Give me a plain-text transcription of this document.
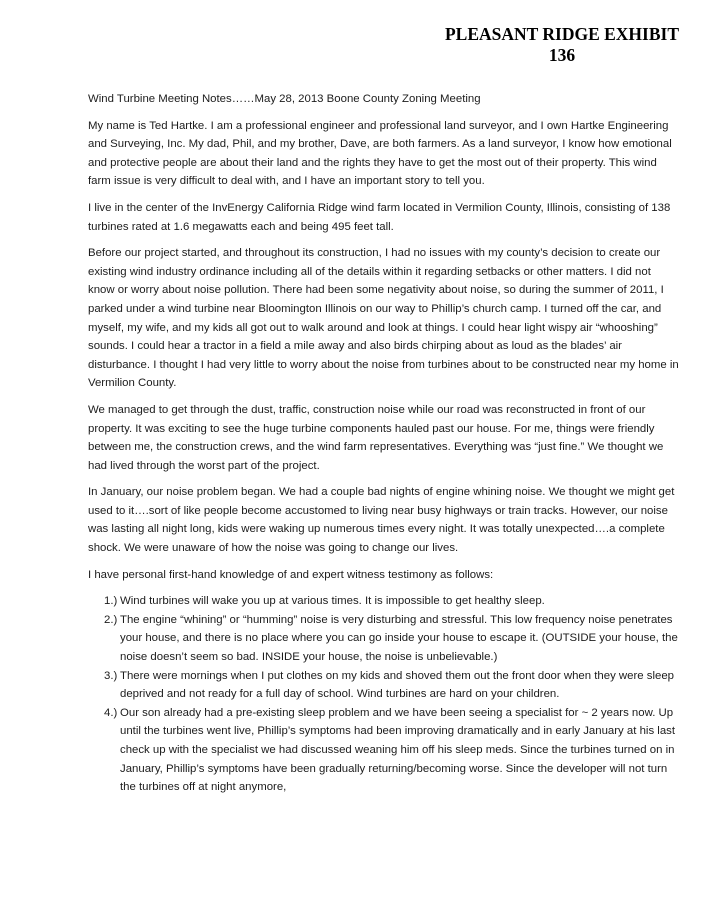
PLEASANT RIDGE EXHIBIT
136

Wind Turbine Meeting Notes……May 28, 2013 Boone County Zoning Meeting

My name is Ted Hartke. I am a professional engineer and professional land surveyor, and I own Hartke Engineering and Surveying, Inc. My dad, Phil, and my brother, Dave, are both farmers. As a land surveyor, I know how emotional and protective people are about their land and the rights they have to get the most out of their property. This wind farm issue is very difficult to deal with, and I have an important story to tell you.

I live in the center of the InvEnergy California Ridge wind farm located in Vermilion County, Illinois, consisting of 138 turbines rated at 1.6 megawatts each and being 495 feet tall.

Before our project started, and throughout its construction, I had no issues with my county’s decision to create our existing wind industry ordinance including all of the details within it regarding setbacks or other matters. I did not know or worry about noise pollution. There had been some negativity about noise, so during the summer of 2011, I parked under a wind turbine near Bloomington Illinois on our way to Phillip’s church camp. I turned off the car, and myself, my wife, and my kids all got out to walk around and look at things. I could hear light wispy air “whooshing” sounds. I could hear a tractor in a field a mile away and also birds chirping about as loud as the blades’ air disturbance. I thought I had very little to worry about the noise from turbines about to be constructed near my home in Vermilion County.

We managed to get through the dust, traffic, construction noise while our road was reconstructed in front of our property. It was exciting to see the huge turbine components hauled past our house. For me, things were friendly between me, the construction crews, and the wind farm representatives. Everything was “just fine.” We thought we had lived through the worst part of the project.

In January, our noise problem began. We had a couple bad nights of engine whining noise. We thought we might get used to it….sort of like people become accustomed to living near busy highways or train tracks. However, our noise was lasting all night long, kids were waking up numerous times every night. It was totally unexpected….a complete shock. We were unaware of how the noise was going to change our lives.

I have personal first-hand knowledge of and expert witness testimony as follows:

1.) Wind turbines will wake you up at various times. It is impossible to get healthy sleep.
2.) The engine “whining” or “humming” noise is very disturbing and stressful. This low frequency noise penetrates your house, and there is no place where you can go inside your house to escape it. (OUTSIDE your house, the noise doesn’t seem so bad. INSIDE your house, the noise is unbelievable.)
3.) There were mornings when I put clothes on my kids and shoved them out the front door when they were sleep deprived and not ready for a full day of school. Wind turbines are hard on your children.
4.) Our son already had a pre-existing sleep problem and we have been seeing a specialist for ~ 2 years now. Up until the turbines went live, Phillip’s symptoms had been improving dramatically and in early January at his last check up with the specialist we had discussed weaning him off his sleep meds. Since the turbines turned on in January, Phillip’s symptoms have been gradually returning/becoming worse. Since the developer will not turn the turbines off at night anymore,
